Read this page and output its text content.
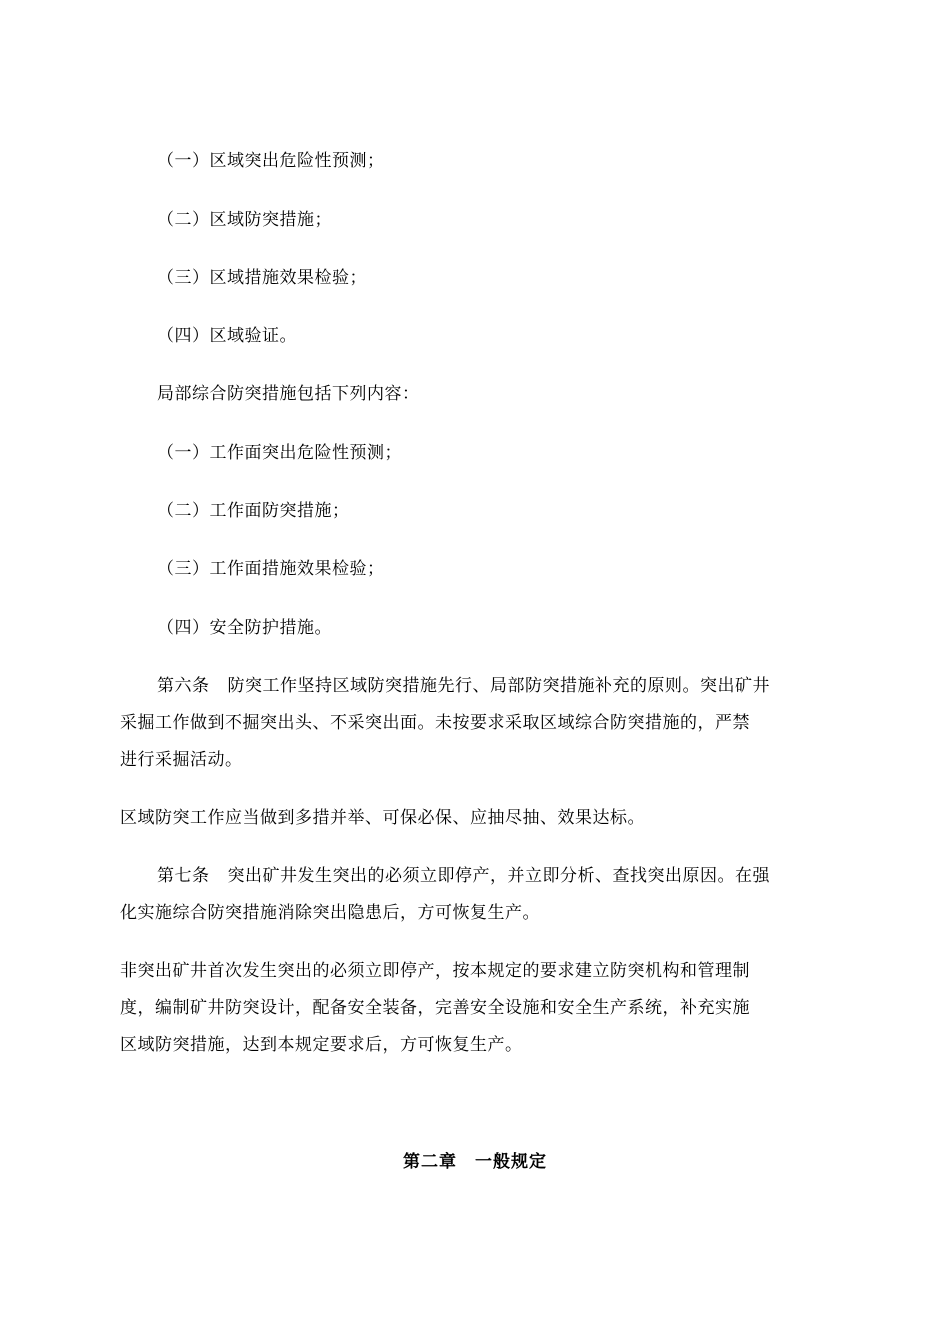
（一）区域突出危险性预测；
（二）区域防突措施；
（三）区域措施效果检验；
（四）区域验证。
局部综合防突措施包括下列内容：
（一）工作面突出危险性预测；
（二）工作面防突措施；
（三）工作面措施效果检验；
（四）安全防护措施。
第六条 防突工作坚持区域防突措施先行、局部防突措施补充的原则。突出矿井
采掘工作做到不掘突出头、不采突出面。未按要求采取区域综合防突措施的，严禁
进行采掘活动。
区域防突工作应当做到多措并举、可保必保、应抽尽抽、效果达标。
第七条 突出矿井发生突出的必须立即停产，并立即分析、查找突出原因。在强
化实施综合防突措施消除突出隐患后，方可恢复生产。
非突出矿井首次发生突出的必须立即停产，按本规定的要求建立防突机构和管理制
度，编制矿井防突设计，配备安全装备，完善安全设施和安全生产系统，补充实施
区域防突措施，达到本规定要求后，方可恢复生产。
第二章　一般规定
